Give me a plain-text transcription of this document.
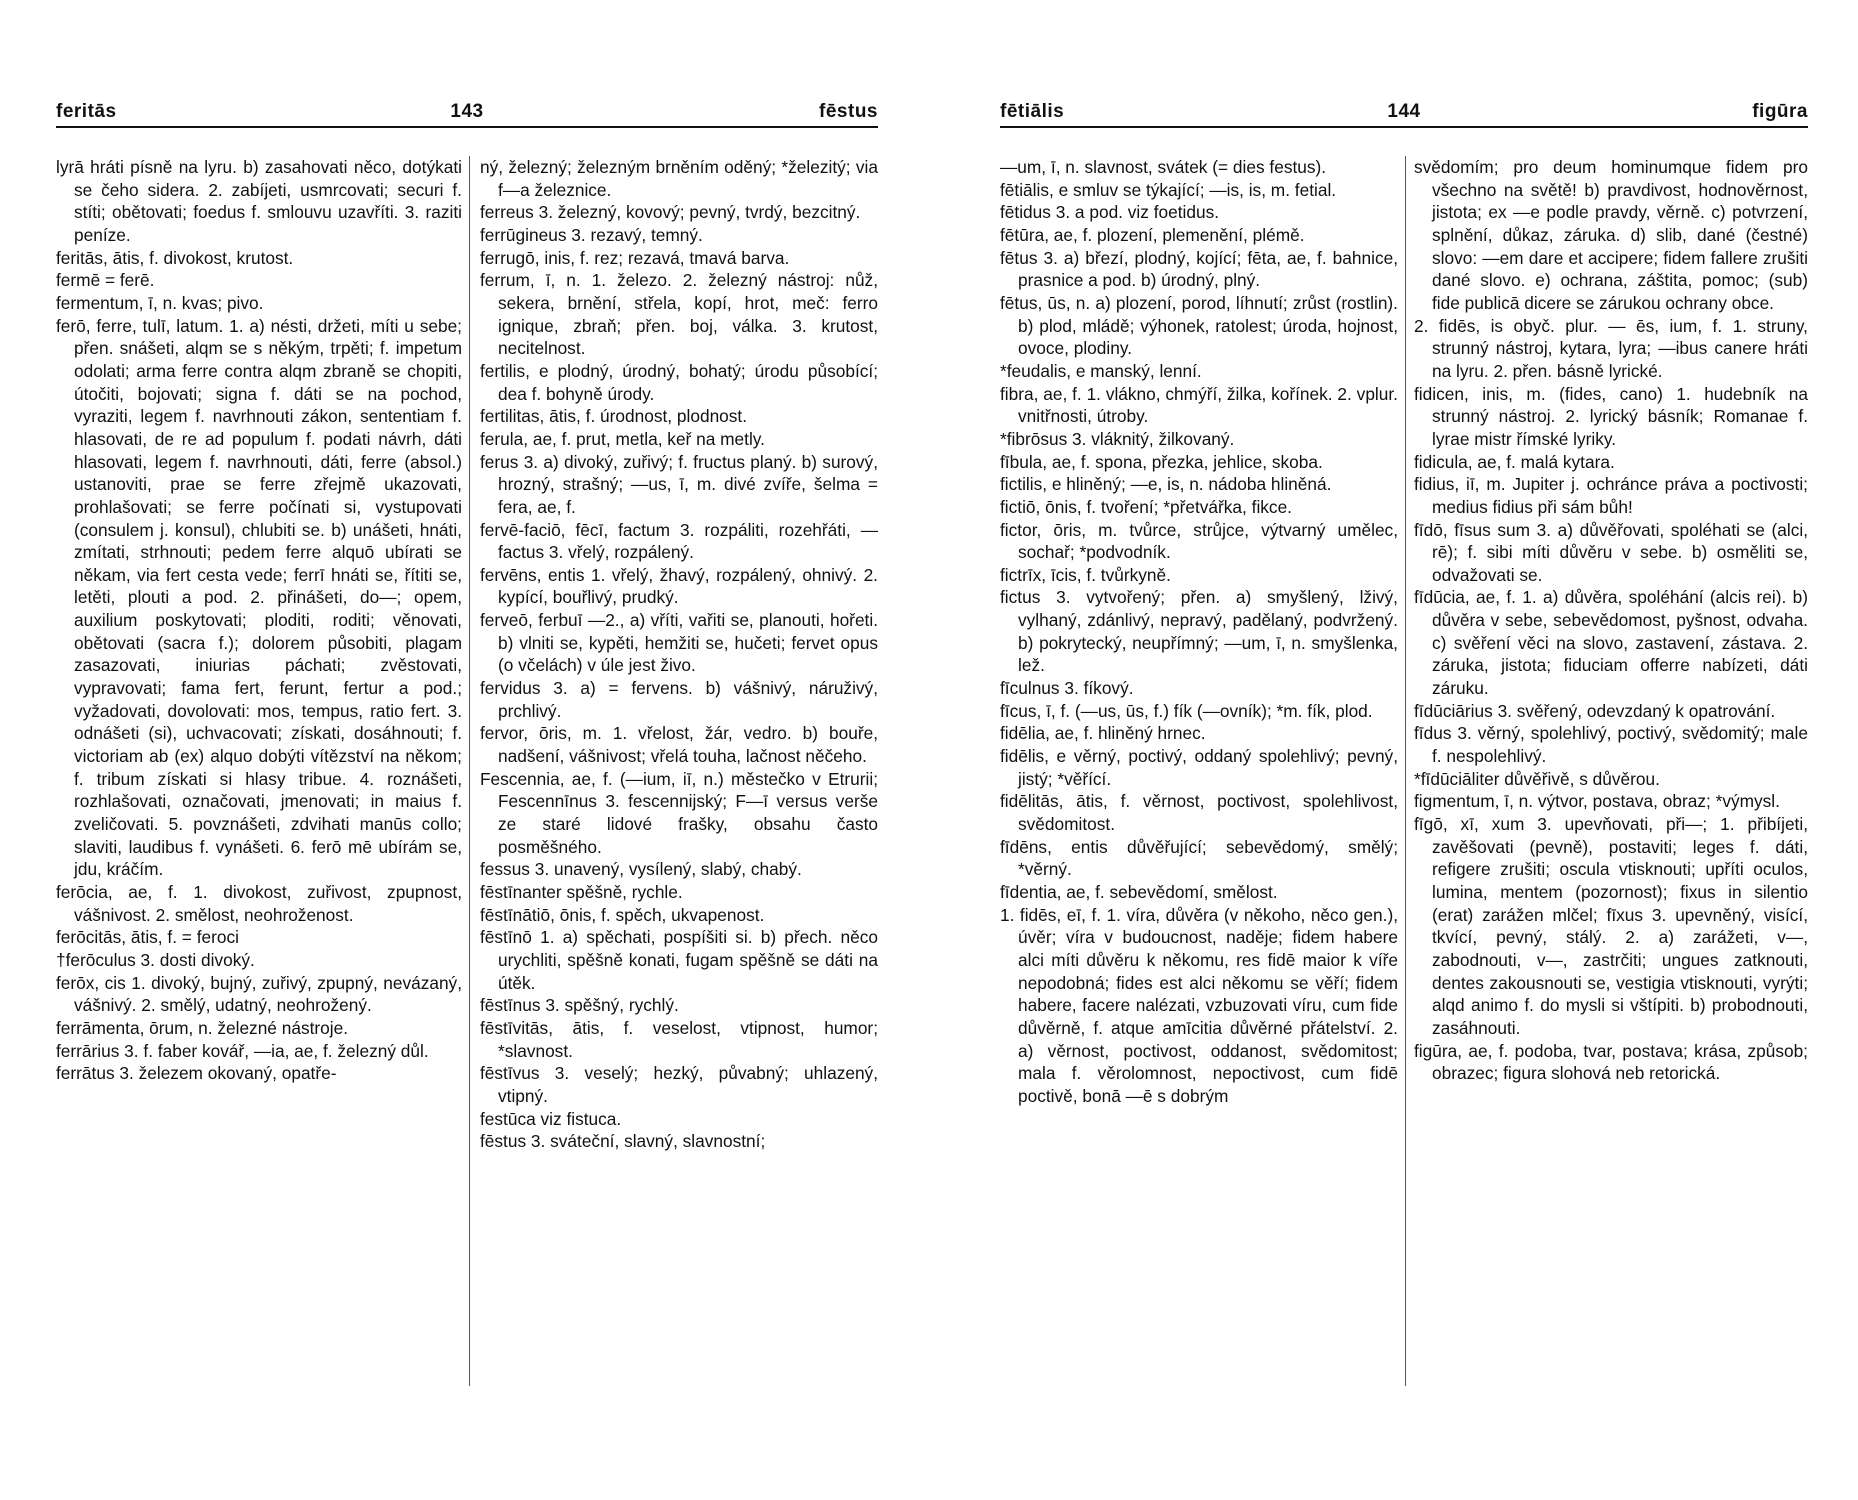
feritās	143	fēstus
lyrā hráti písně na lyru. b) zasahovati něco, dotýkati se čeho sidera. 2. zabíjeti, usmrcovati; securi f. stíti; obětovati; foedus f. smlouvu uzavříti. 3. raziti peníze.
feritās, ātis, f. divokost, krutost.
fermē = ferē.
fermentum, ī, n. kvas; pivo.
ferō, ferre, tulī, latum. 1. a) nésti, držeti, míti u sebe; přen. snášeti, alqm se s někým, trpěti; f. impetum odolati; arma ferre contra alqm zbraně se chopiti, útočiti, bojovati; signa f. dáti se na pochod, vyraziti, legem f. navrhnouti zákon, sententiam f. hlasovati, de re ad populum f. podati návrh, dáti hlasovati, legem f. navrhnouti, dáti, ferre (absol.) ustanoviti, prae se ferre zřejmě ukazovati, prohlašovati; se ferre počínati si, vystupovati (consulem j. konsul), chlubiti se. b) unášeti, hnáti, zmítati, strhnouti; pedem ferre alquō ubírati se někam, via fert cesta vede; ferrī hnáti se, řítiti se, letěti, plouti a pod. 2. přinášeti, do—; opem, auxilium poskytovati; ploditi, roditi; věnovati, obětovati (sacra f.); dolorem působiti, plagam zasazovati, iniurias páchati; zvěstovati, vypravovati; fama fert, ferunt, fertur a pod.; vyžadovati, dovolovati: mos, tempus, ratio fert. 3. odnášeti (si), uchvacovati; získati, dosáhnouti; f. victoriam ab (ex) alquo dobýti vítězství na někom; f. tribum získati si hlasy tribue. 4. roznášeti, rozhlašovati, označovati, jmenovati; in maius f. zveličovati. 5. povznášeti, zdvihati manūs collo; slaviti, laudibus f. vynášeti. 6. ferō mē ubírám se, jdu, kráčím.
ferōcia, ae, f. 1. divokost, zuřivost, zpupnost, vášnivost. 2. smělost, neohroženost.
ferōcitās, ātis, f. = feroci
†ferōculus 3. dosti divoký.
ferōx, cis 1. divoký, bujný, zuřivý, zpupný, nevázaný, vášnivý. 2. smělý, udatný, neohrožený.
ferrāmenta, ōrum, n. železné nástroje.
ferrārius 3. f. faber kovář, —ia, ae, f. železný důl.
ferrātus 3. železem okovaný, opatře-
ný, železný; železným brněním oděný; *železitý; via f—a železnice.
ferreus 3. železný, kovový; pevný, tvrdý, bezcitný.
ferrūgineus 3. rezavý, temný.
ferrugō, inis, f. rez; rezavá, tmavá barva.
ferrum, ī, n. 1. železo. 2. železný nástroj: nůž, sekera, brnění, střela, kopí, hrot, meč: ferro ignique, zbraň; přen. boj, válka. 3. krutost, necitelnost.
fertilis, e plodný, úrodný, bohatý; úrodu působící; dea f. bohyně úrody.
fertilitas, ātis, f. úrodnost, plodnost.
ferula, ae, f. prut, metla, keř na metly.
ferus 3. a) divoký, zuřivý; f. fructus planý. b) surový, hrozný, strašný; —us, ī, m. divé zvíře, šelma = fera, ae, f.
fervē-faciō, fēcī, factum 3. rozpáliti, rozehřáti, — factus 3. vřelý, rozpálený.
fervēns, entis 1. vřelý, žhavý, rozpálený, ohnivý. 2. kypící, bouřlivý, prudký.
ferveō, ferbuī —2., a) vříti, vařiti se, planouti, hořeti. b) vlniti se, kypěti, hemžiti se, hučeti; fervet opus (o včelách) v úle jest živo.
fervidus 3. a) = fervens. b) vášnivý, náruživý, prchlivý.
fervor, ōris, m. 1. vřelost, žár, vedro. b) bouře, nadšení, vášnivost; vřelá touha, lačnost něčeho.
Fescennia, ae, f. (—ium, iī, n.) městečko v Etrurii; Fescennīnus 3. fescennijský; F—ī versus verše ze staré lidové frašky, obsahu často posměšného.
fessus 3. unavený, vysílený, slabý, chabý.
fēstīnanter spěšně, rychle.
fēstīnātiō, ōnis, f. spěch, ukvapenost.
fēstīnō 1. a) spěchati, pospíšiti si. b) přech. něco urychliti, spěšně konati, fugam spěšně se dáti na útěk.
fēstīnus 3. spěšný, rychlý.
fēstīvitās, ātis, f. veselost, vtipnost, humor; *slavnost.
fēstīvus 3. veselý; hezký, půvabný; uhlazený, vtipný.
festūca viz fistuca.
fēstus 3. sváteční, slavný, slavnostní;
fētiālis	144	figūra
—um, ī, n. slavnost, svátek (= dies festus).
fētiālis, e smluv se týkající; —is, is, m. fetial.
fētidus 3. a pod. viz foetidus.
fētūra, ae, f. plození, plemenění, plémě.
fētus 3. a) březí, plodný, kojící; fēta, ae, f. bahnice, prasnice a pod. b) úrodný, plný.
fētus, ūs, n. a) plození, porod, líhnutí; zrůst (rostlin). b) plod, mládě; výhonek, ratolest; úroda, hojnost, ovoce, plodiny.
*feudalis, e manský, lenní.
fibra, ae, f. 1. vlákno, chmýří, žilka, kořínek. 2. vplur. vnitřnosti, útroby.
*fibrōsus 3. vláknitý, žilkovaný.
fībula, ae, f. spona, přezka, jehlice, skoba.
fictilis, e hliněný; —e, is, n. nádoba hliněná.
fictiō, ōnis, f. tvoření; *přetvářka, fikce.
fictor, ōris, m. tvůrce, strůjce, výtvarný umělec, sochař; *podvodník.
fictrīx, īcis, f. tvůrkyně.
fictus 3. vytvořený; přen. a) smyšlený, lživý, vylhaný, zdánlivý, nepravý, padělaný, podvržený. b) pokrytecký, neupřímný; —um, ī, n. smyšlenka, lež.
fīculnus 3. fíkový.
fīcus, ī, f. (—us, ūs, f.) fík (—ovník); *m. fík, plod.
fidēlia, ae, f. hliněný hrnec.
fidēlis, e věrný, poctivý, oddaný spolehlivý; pevný, jistý; *věřící.
fidēlitās, ātis, f. věrnost, poctivost, spolehlivost, svědomitost.
fīdēns, entis důvěřující; sebevědomý, smělý; *věrný.
fīdentia, ae, f. sebevědomí, smělost.
1. fidēs, eī, f. 1. víra, důvěra (v někoho, něco gen.), úvěr; víra v budoucnost, naděje; fidem habere alci míti důvěru k někomu, res fidē maior k víře nepodobná; fides est alci někomu se věří; fidem habere, facere nalézati, vzbuzovati víru, cum fide důvěrně, f. atque amīcitia důvěrné přátelství. 2. a) věrnost, poctivost, oddanost, svědomitost; mala f. věrolomnost, nepoctivost, cum fidē poctivě, bonā —ē s dobrým
svědomím; pro deum hominumque fidem pro všechno na světě! b) pravdivost, hodnověrnost, jistota; ex —e podle pravdy, věrně. c) potvrzení, splnění, důkaz, záruka. d) slib, dané (čestné) slovo: —em dare et accipere; fidem fallere zrušiti dané slovo. e) ochrana, záštita, pomoc; (sub) fide publicā dicere se zárukou ochrany obce.
2. fidēs, is obyč. plur. — ēs, ium, f. 1. struny, strunný nástroj, kytara, lyra; —ibus canere hráti na lyru. 2. přen. básně lyrické.
fidicen, inis, m. (fides, cano) 1. hudebník na strunný nástroj. 2. lyrický básník; Romanae f. lyrae mistr římské lyriky.
fidicula, ae, f. malá kytara.
fidius, iī, m. Jupiter j. ochránce práva a poctivosti; medius fidius při sám bůh!
fīdō, fīsus sum 3. a) důvěřovati, spoléhati se (alci, rē); f. sibi míti důvěru v sebe. b) osměliti se, odvažovati se.
fīdūcia, ae, f. 1. a) důvěra, spoléhání (alcis rei). b) důvěra v sebe, sebevědomost, pyšnost, odvaha. c) svěření věci na slovo, zastavení, zástava. 2. záruka, jistota; fiduciam offerre nabízeti, dáti záruku.
fīdūciārius 3. svěřený, odevzdaný k opatrování.
fīdus 3. věrný, spolehlivý, poctivý, svědomitý; male f. nespolehlivý.
*fīdūciāliter důvěřivě, s důvěrou.
figmentum, ī, n. výtvor, postava, obraz; *výmysl.
fīgō, xī, xum 3. upevňovati, při—; 1. přibíjeti, zavěšovati (pevně), postaviti; leges f. dáti, refigere zrušiti; oscula vtisknouti; upříti oculos, lumina, mentem (pozornost); fixus in silentio (erat) zarážen mlčel; fīxus 3. upevněný, visící, tkvící, pevný, stálý. 2. a) zarážeti, v—, zabodnouti, v—, zastrčiti; ungues zatknouti, dentes zakousnouti se, vestigia vtisknouti, vyrýti; alqd animo f. do mysli si vštípiti. b) probodnouti, zasáhnouti.
figūra, ae, f. podoba, tvar, postava; krása, způsob; obrazec; figura slohová neb retorická.
